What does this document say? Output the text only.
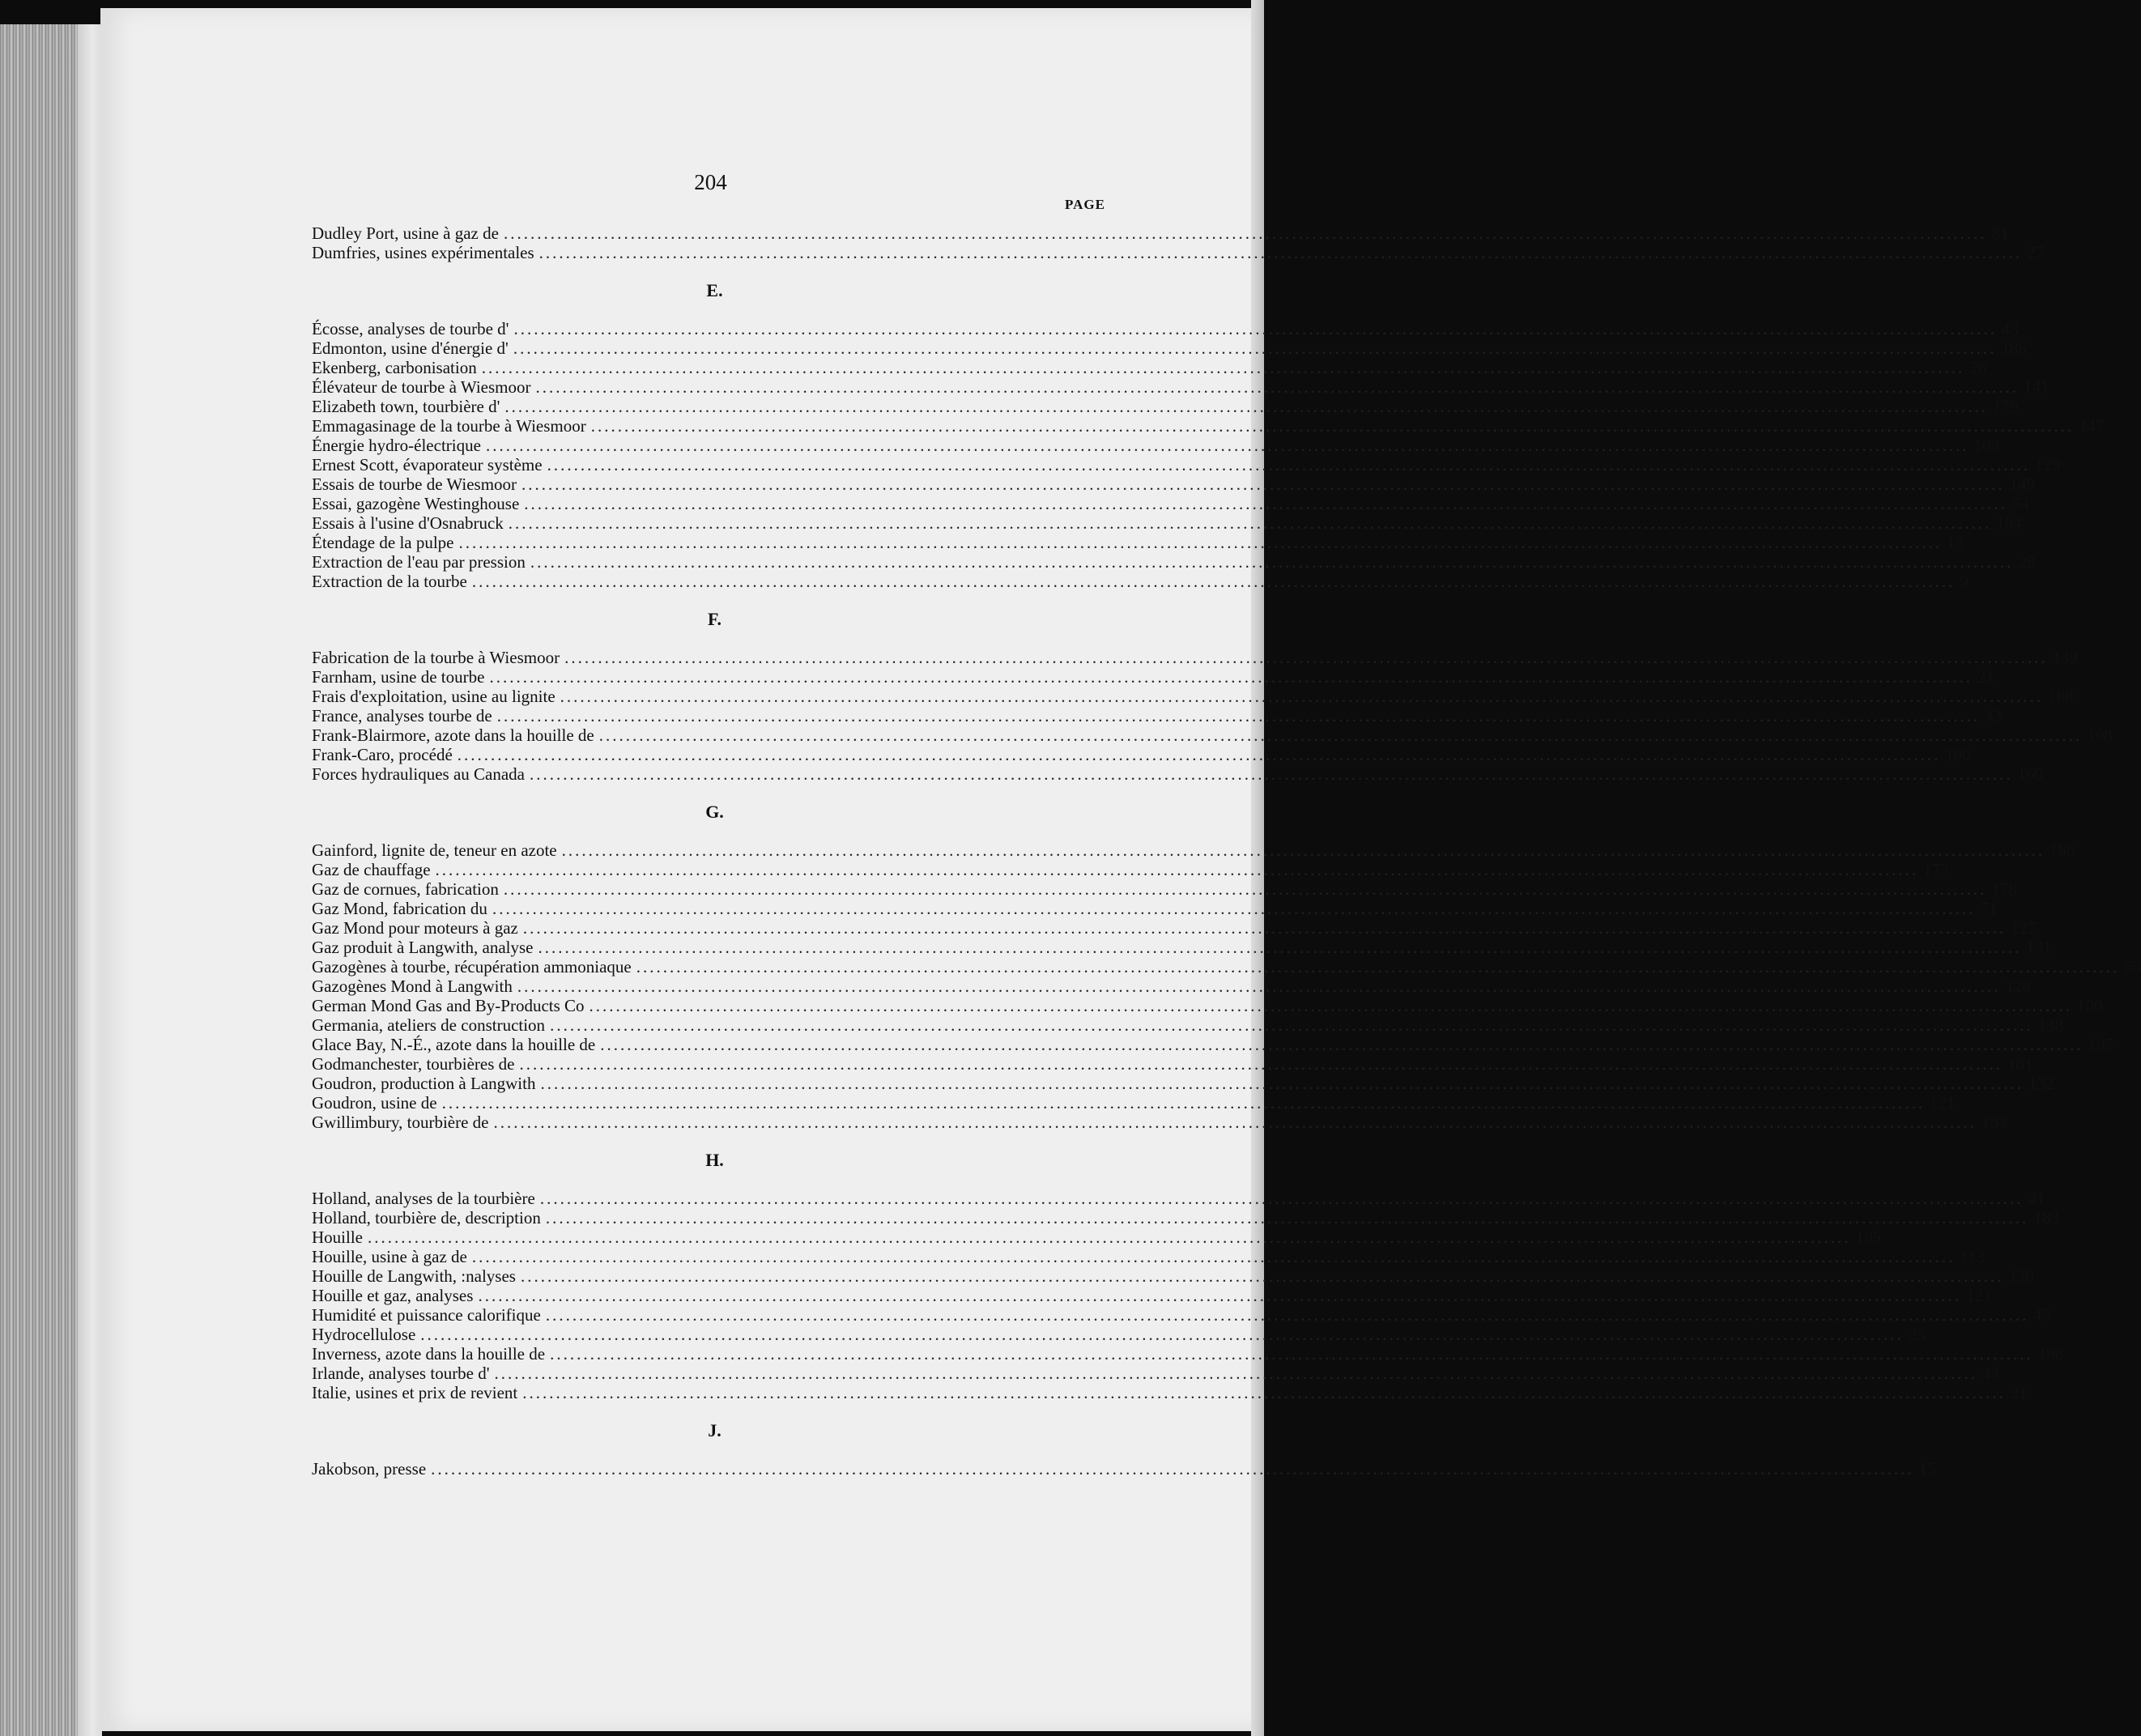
204
PAGE
Dudley Port, usine à gaz de .............................................................................................................................................................................................................................. 81
Dumfries, usines expérimentales .............................................................................................................................................................................................................................. 27
E.
Écosse, analyses de tourbe d' .............................................................................................................................................................................................................................. 43
Edmonton, usine d'énergie d' .............................................................................................................................................................................................................................. 186
Ekenberg, carbonisation .............................................................................................................................................................................................................................. 26
Élévateur de tourbe à Wiesmoor .............................................................................................................................................................................................................................. 141
Elizabeth town, tourbière d' .............................................................................................................................................................................................................................. 179
Emmagasinage de la tourbe à Wiesmoor .............................................................................................................................................................................................................................. 147
Énergie hydro-électrique .............................................................................................................................................................................................................................. 169
Ernest Scott, évaporateur système .............................................................................................................................................................................................................................. 129
Essais de tourbe de Wiesmoor .............................................................................................................................................................................................................................. 149
Essai, gazogène Westinghouse .............................................................................................................................................................................................................................. 74
Essais à l'usine d'Osnabruck .............................................................................................................................................................................................................................. 104
Étendage de la pulpe .............................................................................................................................................................................................................................. 15
Extraction de l'eau par pression .............................................................................................................................................................................................................................. 29
Extraction de la tourbe .............................................................................................................................................................................................................................. 9
F.
Fabrication de la tourbe à Wiesmoor .............................................................................................................................................................................................................................. 139
Farnham, usine de tourbe .............................................................................................................................................................................................................................. 21
Frais d'exploitation, usine au lignite .............................................................................................................................................................................................................................. 188
France, analyses tourbe de .............................................................................................................................................................................................................................. 43
Frank-Blairmore, azote dans la houille de .............................................................................................................................................................................................................................. 198
Frank-Caro, procédé .............................................................................................................................................................................................................................. 100
Forces hydrauliques au Canada .............................................................................................................................................................................................................................. 160
G.
Gainford, lignite de, teneur en azote .............................................................................................................................................................................................................................. 186
Gaz de chauffage .............................................................................................................................................................................................................................. 173
Gaz de cornues, fabrication .............................................................................................................................................................................................................................. 178
Gaz Mond, fabrication du .............................................................................................................................................................................................................................. 71
Gaz Mond pour moteurs à gaz .............................................................................................................................................................................................................................. 127
Gaz produit à Langwith, analyse .............................................................................................................................................................................................................................. 131
Gazogènes à tourbe, récupération ammoniaque .............................................................................................................................................................................................................................. 65
Gazogènes Mond à Langwith .............................................................................................................................................................................................................................. 128
German Mond Gas and By-Products Co .............................................................................................................................................................................................................................. 100
Germania, ateliers de construction .............................................................................................................................................................................................................................. 138
Glace Bay, N.-É., azote dans la houille de .............................................................................................................................................................................................................................. 195
Godmanchester, tourbières de .............................................................................................................................................................................................................................. 181
Goudron, production à Langwith .............................................................................................................................................................................................................................. 132
Goudron, usine de .............................................................................................................................................................................................................................. 121
Gwillimbury, tourbière de .............................................................................................................................................................................................................................. 183
H.
Holland, analyses de la tourbière .............................................................................................................................................................................................................................. 41
Holland, tourbière de, description .............................................................................................................................................................................................................................. 183
Houille .............................................................................................................................................................................................................................. 195
Houille, usine à gaz de .............................................................................................................................................................................................................................. 113
Houille de Langwith, :nalyses .............................................................................................................................................................................................................................. 130
Houille et gaz, analyses .............................................................................................................................................................................................................................. 121
Humidité et puissance calorifique .............................................................................................................................................................................................................................. 45
Hydrocellulose .............................................................................................................................................................................................................................. 25
Inverness, azote dans la houille de .............................................................................................................................................................................................................................. 196
Irlande, analyses tourbe d' .............................................................................................................................................................................................................................. 43
Italie, usines et prix de revient .............................................................................................................................................................................................................................. 21
J.
Jakobson, presse .............................................................................................................................................................................................................................. 15
